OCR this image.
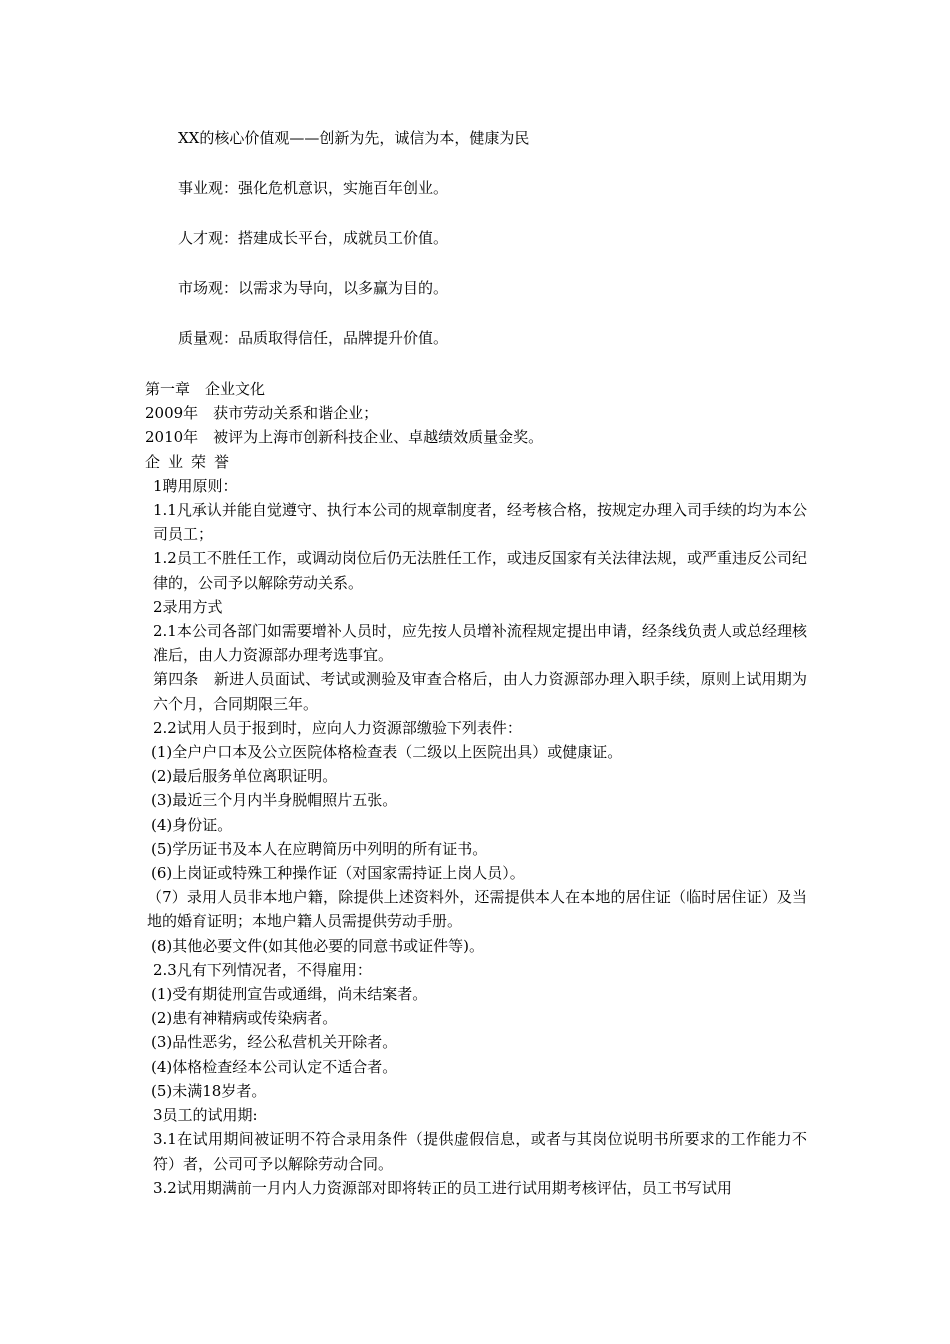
XX的核心价值观——创新为先，诚信为本，健康为民
事业观：强化危机意识，实施百年创业。
人才观：搭建成长平台，成就员工价值。
市场观：以需求为导向，以多赢为目的。
质量观：品质取得信任，品牌提升价值。

第一章　企业文化

2009年　获市劳动关系和谐企业；

2010年　被评为上海市创新科技企业、卓越绩效质量金奖。

企业荣誉

1聘用原则：

1.1凡承认并能自觉遵守、执行本公司的规章制度者，经考核合格，按规定办理入司手续的均为本公司员工；

1.2员工不胜任工作，或调动岗位后仍无法胜任工作，或违反国家有关法律法规，或严重违反公司纪律的，公司予以解除劳动关系。

2录用方式

2.1本公司各部门如需要增补人员时，应先按人员增补流程规定提出申请，经条线负责人或总经理核准后，由人力资源部办理考选事宜。

第四条　新进人员面试、考试或测验及审查合格后，由人力资源部办理入职手续，原则上试用期为六个月，合同期限三年。

2.2试用人员于报到时，应向人力资源部缴验下列表件：

(1)全户户口本及公立医院体格检查表（二级以上医院出具）或健康证。

(2)最后服务单位离职证明。

(3)最近三个月内半身脱帽照片五张。

(4)身份证。

(5)学历证书及本人在应聘简历中列明的所有证书。

(6)上岗证或特殊工种操作证（对国家需持证上岗人员）。

（7）录用人员非本地户籍，除提供上述资料外，还需提供本人在本地的居住证（临时居住证）及当地的婚育证明；本地户籍人员需提供劳动手册。

(8)其他必要文件(如其他必要的同意书或证件等)。

2.3凡有下列情况者，不得雇用：

(1)受有期徒刑宣告或通缉，尚未结案者。

(2)患有神精病或传染病者。

(3)品性恶劣，经公私营机关开除者。

(4)体格检查经本公司认定不适合者。

(5)未满18岁者。

3员工的试用期:

3.1在试用期间被证明不符合录用条件（提供虚假信息，或者与其岗位说明书所要求的工作能力不符）者，公司可予以解除劳动合同。

3.2试用期满前一月内人力资源部对即将转正的员工进行试用期考核评估，员工书写试用
